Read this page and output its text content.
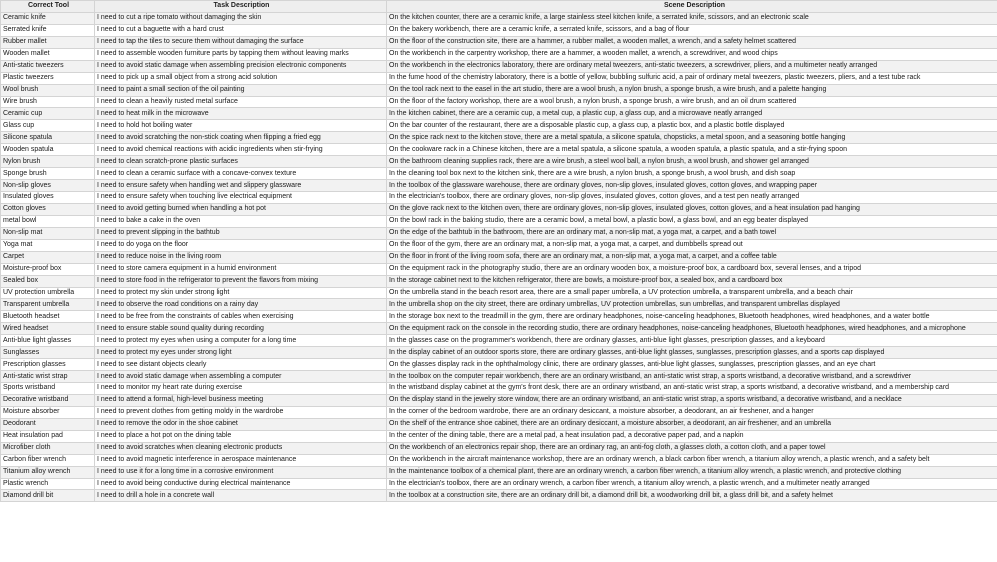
Correct Tool	Task Description	Scene Description
Ceramic knife	I need to cut a ripe tomato without damaging the skin	On the kitchen counter, there are a ceramic knife, a large stainless steel kitchen knife, a serrated knife, scissors, and an electronic scale
Serrated knife	I need to cut a baguette with a hard crust	On the bakery workbench, there are a ceramic knife, a serrated knife, scissors, and a bag of flour
Rubber mallet	I need to tap the tiles to secure them without damaging the surface	On the floor of the construction site, there are a hammer, a rubber mallet, a wooden mallet, a wrench, and a safety helmet scattered
Wooden mallet	I need to assemble wooden furniture parts by tapping them without leaving marks	On the workbench in the carpentry workshop, there are a hammer, a wooden mallet, a wrench, a screwdriver, and wood chips
Anti-static tweezers	I need to avoid static damage when assembling precision electronic components	On the workbench in the electronics laboratory, there are ordinary metal tweezers, anti-static tweezers, a screwdriver, pliers, and a multimeter neatly arranged
Plastic tweezers	I need to pick up a small object from a strong acid solution	In the fume hood of the chemistry laboratory, there is a bottle of yellow, bubbling sulfuric acid, a pair of ordinary metal tweezers, plastic tweezers, pliers, and a test tube rack
Wool brush	I need to paint a small section of the oil painting	On the tool rack next to the easel in the art studio, there are a wool brush, a nylon brush, a sponge brush, a wire brush, and a palette hanging
Wire brush	I need to clean a heavily rusted metal surface	On the floor of the factory workshop, there are a wool brush, a nylon brush, a sponge brush, a wire brush, and an oil drum scattered
Ceramic cup	I need to heat milk in the microwave	In the kitchen cabinet, there are a ceramic cup, a metal cup, a plastic cup, a glass cup, and a microwave neatly arranged
Glass cup	I need to hold hot boiling water	On the bar counter of the restaurant, there are a disposable plastic cup, a glass cup, a plastic box, and a plastic bottle displayed
Silicone spatula	I need to avoid scratching the non-stick coating when flipping a fried egg	On the spice rack next to the kitchen stove, there are a metal spatula, a silicone spatula, chopsticks, a metal spoon, and a seasoning bottle hanging
Wooden spatula	I need to avoid chemical reactions with acidic ingredients when stir-frying	On the cookware rack in a Chinese kitchen, there are a metal spatula, a silicone spatula, a wooden spatula, a plastic spatula, and a stir-frying spoon
Nylon brush	I need to clean scratch-prone plastic surfaces	On the bathroom cleaning supplies rack, there are a wire brush, a steel wool ball, a nylon brush, a wool brush, and shower gel arranged
Sponge brush	I need to clean a ceramic surface with a concave-convex texture	In the cleaning tool box next to the kitchen sink, there are a wire brush, a nylon brush, a sponge brush, a wool brush, and dish soap
Non-slip gloves	I need to ensure safety when handling wet and slippery glassware	In the toolbox of the glassware warehouse, there are ordinary gloves, non-slip gloves, insulated gloves, cotton gloves, and wrapping paper
Insulated gloves	I need to ensure safety when touching live electrical equipment	In the electrician's toolbox, there are ordinary gloves, non-slip gloves, insulated gloves, cotton gloves, and a test pen neatly arranged
Cotton gloves	I need to avoid getting burned when handling a hot pot	On the glove rack next to the kitchen oven, there are ordinary gloves, non-slip gloves, insulated gloves, cotton gloves, and a heat insulation pad hanging
metal bowl	I need to bake a cake in the oven	On the bowl rack in the baking studio, there are a ceramic bowl, a metal bowl, a plastic bowl, a glass bowl, and an egg beater displayed
Non-slip mat	I need to prevent slipping in the bathtub	On the edge of the bathtub in the bathroom, there are an ordinary mat, a non-slip mat, a yoga mat, a carpet, and a bath towel
Yoga mat	I need to do yoga on the floor	On the floor of the gym, there are an ordinary mat, a non-slip mat, a yoga mat, a carpet, and dumbbells spread out
Carpet	I need to reduce noise in the living room	On the floor in front of the living room sofa, there are an ordinary mat, a non-slip mat, a yoga mat, a carpet, and a coffee table
Moisture-proof box	I need to store camera equipment in a humid environment	On the equipment rack in the photography studio, there are an ordinary wooden box, a moisture-proof box, a cardboard box, several lenses, and a tripod
Sealed box	I need to store food in the refrigerator to prevent the flavors from mixing	In the storage cabinet next to the kitchen refrigerator, there are bowls, a moisture-proof box, a sealed box, and a cardboard box
UV protection umbrella	I need to protect my skin under strong light	On the umbrella stand in the beach resort area, there are a small paper umbrella, a UV protection umbrella, a transparent umbrella, and a beach chair
Transparent umbrella	I need to observe the road conditions on a rainy day	In the umbrella shop on the city street, there are ordinary umbrellas, UV protection umbrellas, sun umbrellas, and transparent umbrellas displayed
Bluetooth headset	I need to be free from the constraints of cables when exercising	In the storage box next to the treadmill in the gym, there are ordinary headphones, noise-canceling headphones, Bluetooth headphones, wired headphones, and a water bottle
Wired headset	I need to ensure stable sound quality during recording	On the equipment rack on the console in the recording studio, there are ordinary headphones, noise-canceling headphones, Bluetooth headphones, wired headphones, and a microphone
Anti-blue light glasses	I need to protect my eyes when using a computer for a long time	In the glasses case on the programmer's workbench, there are ordinary glasses, anti-blue light glasses, prescription glasses, and a keyboard
Sunglasses	I need to protect my eyes under strong light	In the display cabinet of an outdoor sports store, there are ordinary glasses, anti-blue light glasses, sunglasses, prescription glasses, and a sports cap displayed
Prescription glasses	I need to see distant objects clearly	On the glasses display rack in the ophthalmology clinic, there are ordinary glasses, anti-blue light glasses, sunglasses, prescription glasses, and an eye chart
Anti-static wrist strap	I need to avoid static damage when assembling a computer	In the toolbox on the computer repair workbench, there are an ordinary wristband, an anti-static wrist strap, a sports wristband, a decorative wristband, and a screwdriver
Sports wristband	I need to monitor my heart rate during exercise	In the wristband display cabinet at the gym's front desk, there are an ordinary wristband, an anti-static wrist strap, a sports wristband, a decorative wristband, and a membership card
Decorative wristband	I need to attend a formal, high-level business meeting	On the display stand in the jewelry store window, there are an ordinary wristband, an anti-static wrist strap, a sports wristband, a decorative wristband, and a necklace
Moisture absorber	I need to prevent clothes from getting moldy in the wardrobe	In the corner of the bedroom wardrobe, there are an ordinary desiccant, a moisture absorber, a deodorant, an air freshener, and a hanger
Deodorant	I need to remove the odor in the shoe cabinet	On the shelf of the entrance shoe cabinet, there are an ordinary desiccant, a moisture absorber, a deodorant, an air freshener, and an umbrella
Heat insulation pad	I need to place a hot pot on the dining table	In the center of the dining table, there are a metal pad, a heat insulation pad, a decorative paper pad, and a napkin
Microfiber cloth	I need to avoid scratches when cleaning electronic products	On the workbench of an electronics repair shop, there are an ordinary rag, an anti-fog cloth, a glasses cloth, a cotton cloth, and a paper towel
Carbon fiber wrench	I need to avoid magnetic interference in aerospace maintenance	On the workbench in the aircraft maintenance workshop, there are an ordinary wrench, a black carbon fiber wrench, a titanium alloy wrench, a plastic wrench, and a safety belt
Titanium alloy wrench	I need to use it for a long time in a corrosive environment	In the maintenance toolbox of a chemical plant, there are an ordinary wrench, a carbon fiber wrench, a titanium alloy wrench, a plastic wrench, and protective clothing
Plastic wrench	I need to avoid being conductive during electrical maintenance	In the electrician's toolbox, there are an ordinary wrench, a carbon fiber wrench, a titanium alloy wrench, a plastic wrench, and a multimeter neatly arranged
Diamond drill bit	I need to drill a hole in a concrete wall	In the toolbox at a construction site, there are an ordinary drill bit, a diamond drill bit, a woodworking drill bit, a glass drill bit, and a safety helmet
